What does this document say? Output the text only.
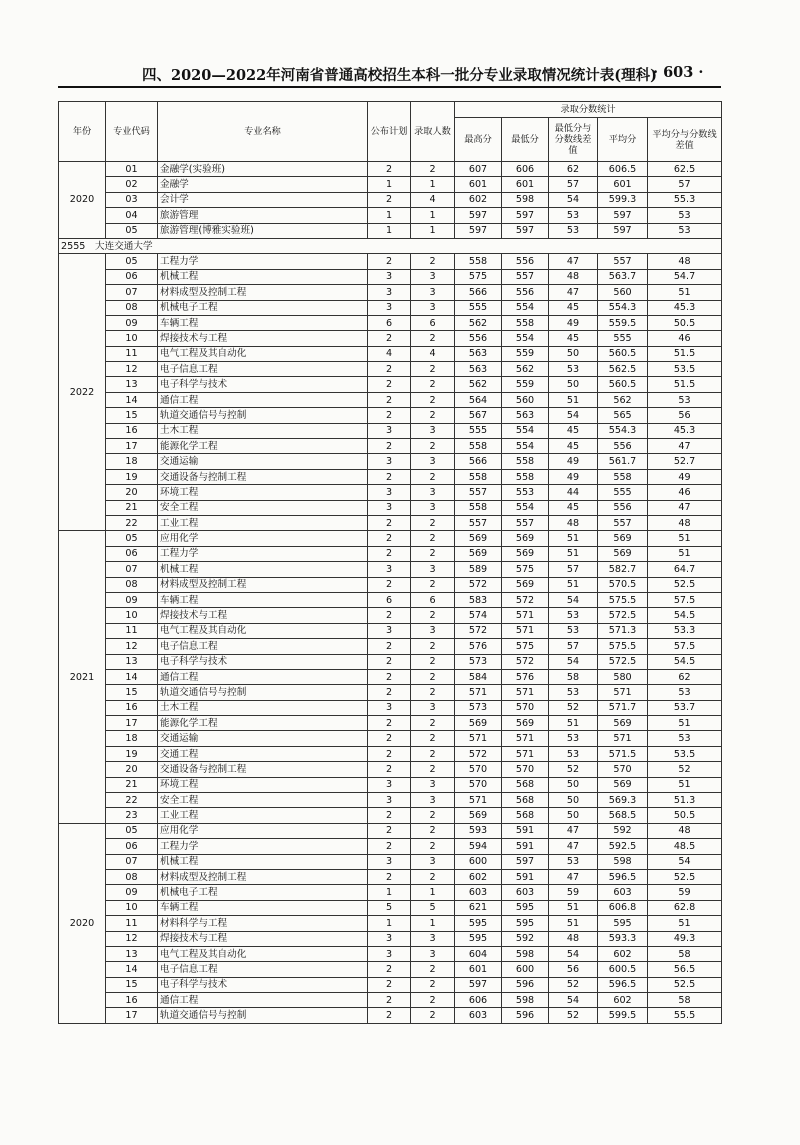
四、2020—2022年河南省普通高校招生本科一批分专业录取情况统计表(理科)
· 603 ·
年份	专业代码	专业名称	公布计划	录取人数	录取分数统计				
					最高分	最低分	最低分与分数线差值	平均分	平均分与分数线差值
2020	01	金融学(实验班)	2	2	607	606	62	606.5	62.5
	02	金融学	1	1	601	601	57	601	57
	03	会计学	2	4	602	598	54	599.3	55.3
	04	旅游管理	1	1	597	597	53	597	53
	05	旅游管理(博雅实验班)	1	1	597	597	53	597	53
2555　大连交通大学									
2022	05	工程力学	2	2	558	556	47	557	48
	06	机械工程	3	3	575	557	48	563.7	54.7
	07	材料成型及控制工程	3	3	566	556	47	560	51
	08	机械电子工程	3	3	555	554	45	554.3	45.3
	09	车辆工程	6	6	562	558	49	559.5	50.5
	10	焊接技术与工程	2	2	556	554	45	555	46
	11	电气工程及其自动化	4	4	563	559	50	560.5	51.5
	12	电子信息工程	2	2	563	562	53	562.5	53.5
	13	电子科学与技术	2	2	562	559	50	560.5	51.5
	14	通信工程	2	2	564	560	51	562	53
	15	轨道交通信号与控制	2	2	567	563	54	565	56
	16	土木工程	3	3	555	554	45	554.3	45.3
	17	能源化学工程	2	2	558	554	45	556	47
	18	交通运输	3	3	566	558	49	561.7	52.7
	19	交通设备与控制工程	2	2	558	558	49	558	49
	20	环境工程	3	3	557	553	44	555	46
	21	安全工程	3	3	558	554	45	556	47
	22	工业工程	2	2	557	557	48	557	48
2021	05	应用化学	2	2	569	569	51	569	51
	06	工程力学	2	2	569	569	51	569	51
	07	机械工程	3	3	589	575	57	582.7	64.7
	08	材料成型及控制工程	2	2	572	569	51	570.5	52.5
	09	车辆工程	6	6	583	572	54	575.5	57.5
	10	焊接技术与工程	2	2	574	571	53	572.5	54.5
	11	电气工程及其自动化	3	3	572	571	53	571.3	53.3
	12	电子信息工程	2	2	576	575	57	575.5	57.5
	13	电子科学与技术	2	2	573	572	54	572.5	54.5
	14	通信工程	2	2	584	576	58	580	62
	15	轨道交通信号与控制	2	2	571	571	53	571	53
	16	土木工程	3	3	573	570	52	571.7	53.7
	17	能源化学工程	2	2	569	569	51	569	51
	18	交通运输	2	2	571	571	53	571	53
	19	交通工程	2	2	572	571	53	571.5	53.5
	20	交通设备与控制工程	2	2	570	570	52	570	52
	21	环境工程	3	3	570	568	50	569	51
	22	安全工程	3	3	571	568	50	569.3	51.3
	23	工业工程	2	2	569	568	50	568.5	50.5
2020	05	应用化学	2	2	593	591	47	592	48
	06	工程力学	2	2	594	591	47	592.5	48.5
	07	机械工程	3	3	600	597	53	598	54
	08	材料成型及控制工程	2	2	602	591	47	596.5	52.5
	09	机械电子工程	1	1	603	603	59	603	59
	10	车辆工程	5	5	621	595	51	606.8	62.8
	11	材料科学与工程	1	1	595	595	51	595	51
	12	焊接技术与工程	3	3	595	592	48	593.3	49.3
	13	电气工程及其自动化	3	3	604	598	54	602	58
	14	电子信息工程	2	2	601	600	56	600.5	56.5
	15	电子科学与技术	2	2	597	596	52	596.5	52.5
	16	通信工程	2	2	606	598	54	602	58
	17	轨道交通信号与控制	2	2	603	596	52	599.5	55.5
